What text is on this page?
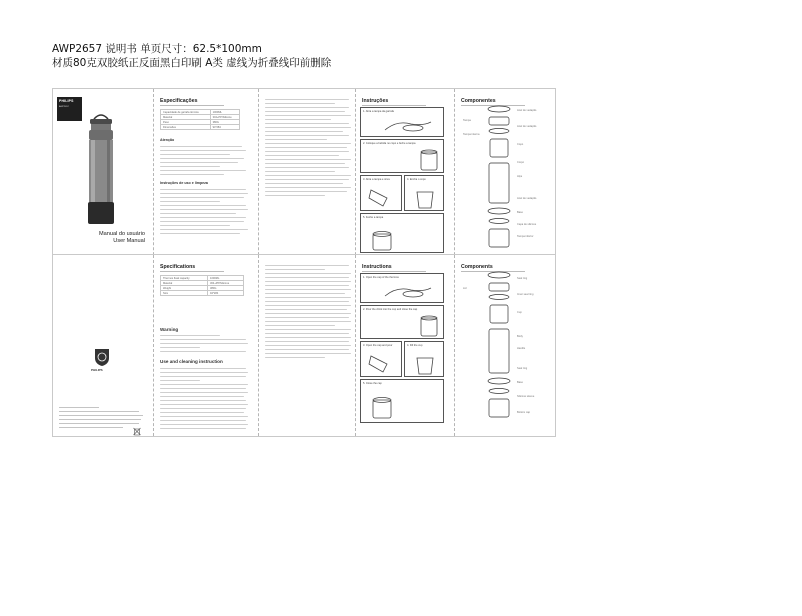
AWP2657 说明书 单页尺寸：62.5*100mm
材质80克双胶纸正反面黑白印刷 A类 虚线为折叠线印前删除
PHILIPS
AWP2657
Manual do usuário
User Manual
Especificações
Capacidade de garrafa térmica	1000ML
Material	304+PP/Silicone
Peso	380G
Dimensões	94*284
Atenção
Instruções de uso e limpeza
Instruções
1. Abra a tampa da garrafa
2. Coloque a bebida no copo e feche a tampa
3. Abra a tampa e sirva	4. Encha o copo
5. Feche a tampa
Componentes
Anel de vedação
Tampa
Anel de vedação
Tampa interna
Copo
Corpo
Alça
Anel de vedação
Base
Capa de silicone
Tampa inferior
PHILIPS
Specifications
Thermos flask capacity	1000ML
Material	304+PP/Silicone
Weight	380G
Size	94*284
Warning
Use and cleaning instruction
Instructions
1. Open the cap of the thermos
2. Pour the drink into the cup and close the cap
3. Open the cap and pour	4. Fill the cup
5. Close the cap
Components
Seal ring
Lid
Inner seal ring
Cup
Body
Handle
Seal ring
Base
Silicone sleeve
Bottom cap
